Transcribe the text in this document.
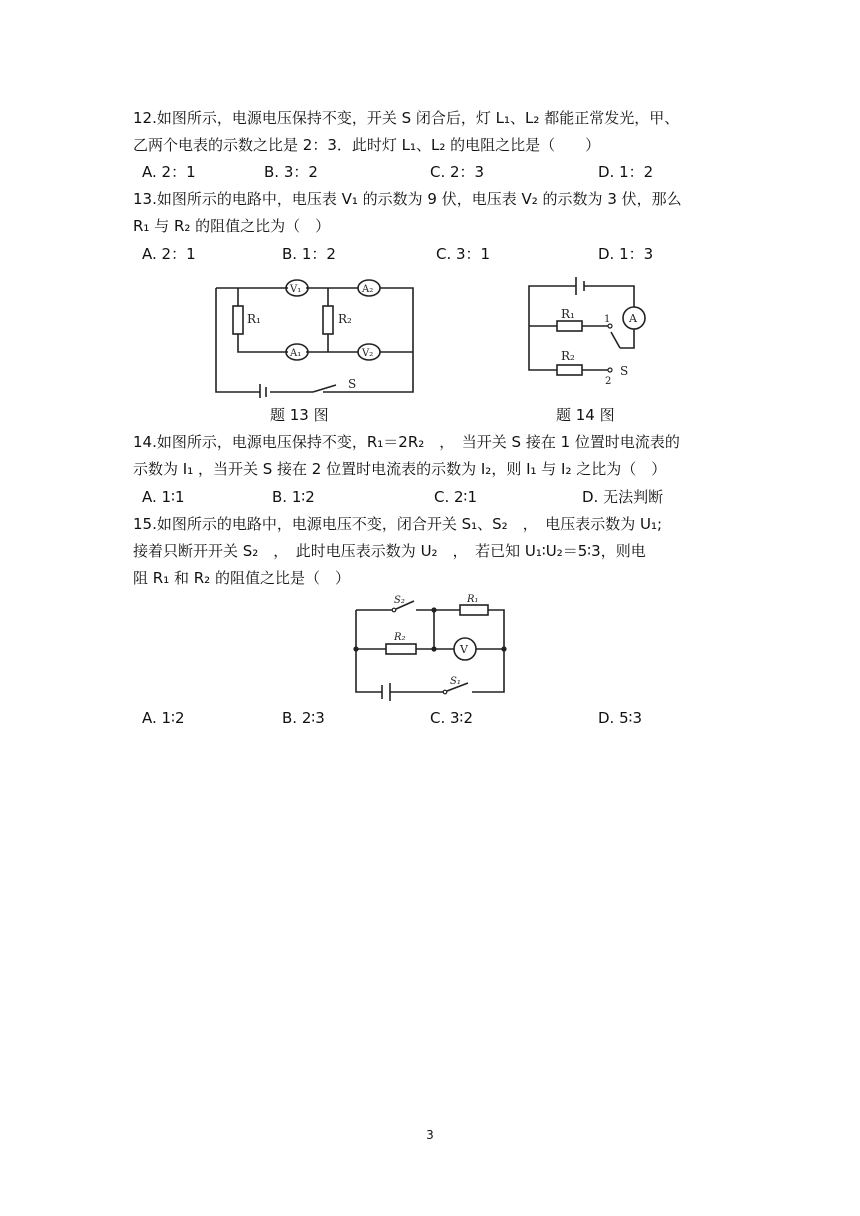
12.如图所示，电源电压保持不变，开关 S 闭合后，灯 L₁、L₂ 都能正常发光，甲、
乙两个电表的示数之比是 2：3．此时灯 L₁、L₂ 的电阻之比是（　　）
A. 2：1	B. 3：2	C. 2：3	D. 1：2
13.如图所示的电路中，电压表 V₁ 的示数为 9 伏，电压表 V₂ 的示数为 3 伏，那么
R₁ 与 R₂ 的阻值之比为（　）
A. 2：1	B. 1：2	C. 3：1	D. 1：3
R₁	R₂
V₁	A₂
A₁	V₂
S
题 13 图
R₁
R₂
A
1
2
S
题 14 图
14.如图所示，电源电压保持不变，R₁＝2R₂　，　当开关 S 接在 1 位置时电流表的
示数为 I₁ ，当开关 S 接在 2 位置时电流表的示数为 I₂，则 I₁ 与 I₂ 之比为（　）
A. 1∶1	B. 1∶2	C. 2∶1	D. 无法判断
15.如图所示的电路中，电源电压不变，闭合开关 S₁、S₂　，　电压表示数为 U₁;
接着只断开开关 S₂　，　此时电压表示数为 U₂　，　若已知 U₁∶U₂＝5∶3，则电
阻 R₁ 和 R₂ 的阻值之比是（　）
S₂	R₁
R₂
V
S₁
A. 1∶2	B. 2∶3	C. 3∶2	D. 5∶3
3
